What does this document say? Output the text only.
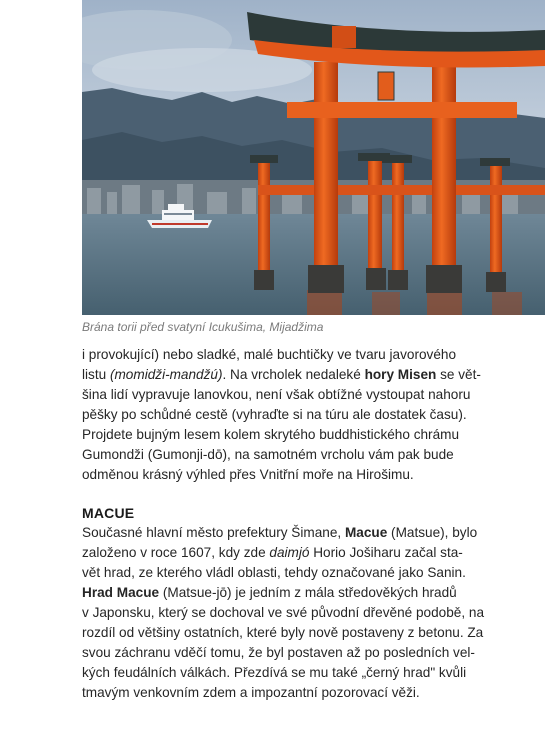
Brána torii před svatyní Icukušima, Mijadžima
i provokující) nebo sladké, malé buchtičky ve tvaru javorového
listu (momidži-mandžú). Na vrcholek nedaleké hory Misen se vět-
šina lidí vypravuje lanovkou, není však obtížné vystoupat nahoru
pěšky po schůdné cestě (vyhraďte si na túru ale dostatek času).
Projdete bujným lesem kolem skrytého buddhistického chrámu
Gumondži (Gumonji-dō), na samotném vrcholu vám pak bude
odměnou krásný výhled přes Vnitřní moře na Hirošimu.
MACUE
Současné hlavní město prefektury Šimane, Macue (Matsue), bylo
založeno v roce 1607, kdy zde daimjó Horio Jošiharu začal sta-
vět hrad, ze kterého vládl oblasti, tehdy označované jako Sanin.
Hrad Macue (Matsue-jō) je jedním z mála středověkých hradů
v Japonsku, který se dochoval ve své původní dřevěné podobě, na
rozdíl od většiny ostatních, které byly nově postaveny z betonu. Za
svou záchranu vděčí tomu, že byl postaven až po posledních vel-
kých feudálních válkách. Přezdívá se mu také „černý hrad" kvůli
tmavým venkovním zdem a impozantní pozorovací věži.
